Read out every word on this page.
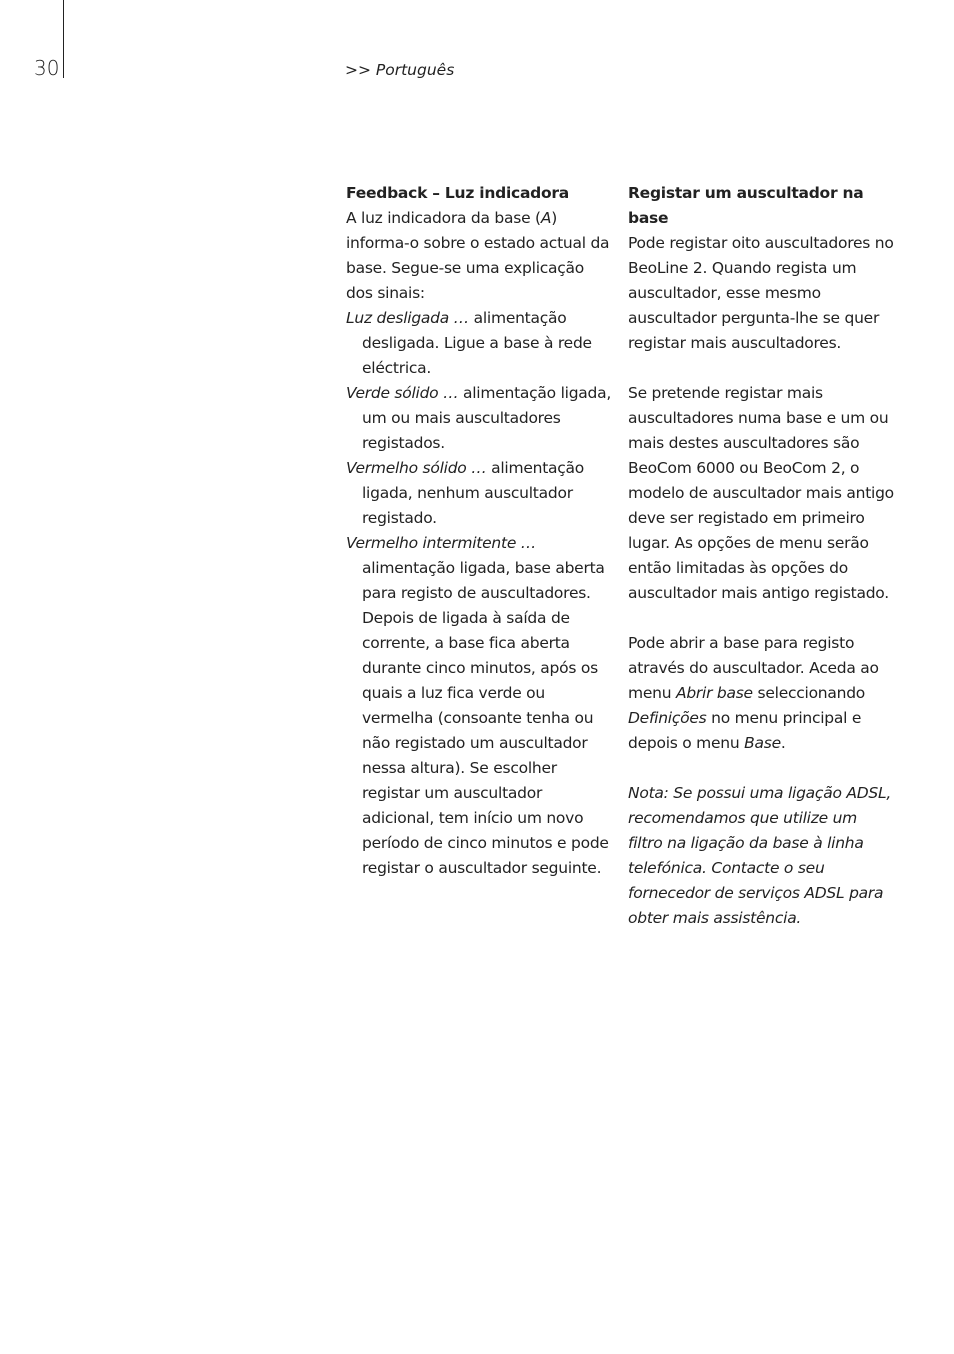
30	>> Português

Feedback – Luz indicadora

A luz indicadora da base (A) informa-o sobre o estado actual da base. Segue-se uma explicação dos sinais:

Luz desligada … alimentação desligada. Ligue a base à rede eléctrica.

Verde sólido … alimentação ligada, um ou mais auscultadores registados.

Vermelho sólido … alimentação ligada, nenhum auscultador registado.

Vermelho intermitente … alimentação ligada, base aberta para registo de auscultadores. Depois de ligada à saída de corrente, a base fica aberta durante cinco minutos, após os quais a luz fica verde ou vermelha (consoante tenha ou não registado um auscultador nessa altura). Se escolher registar um auscultador adicional, tem início um novo período de cinco minutos e pode registar o auscultador seguinte.

Registar um auscultador na base

Pode registar oito auscultadores no BeoLine 2. Quando regista um auscultador, esse mesmo auscultador pergunta-lhe se quer registar mais auscultadores.

Se pretende registar mais auscultadores numa base e um ou mais destes auscultadores são BeoCom 6000 ou BeoCom 2, o modelo de auscultador mais antigo deve ser registado em primeiro lugar. As opções de menu serão então limitadas às opções do auscultador mais antigo registado.

Pode abrir a base para registo através do auscultador. Aceda ao menu Abrir base seleccionando Definições no menu principal e depois o menu Base.

Nota: Se possui uma ligação ADSL, recomendamos que utilize um filtro na ligação da base à linha telefónica. Contacte o seu fornecedor de serviços ADSL para obter mais assistência.
